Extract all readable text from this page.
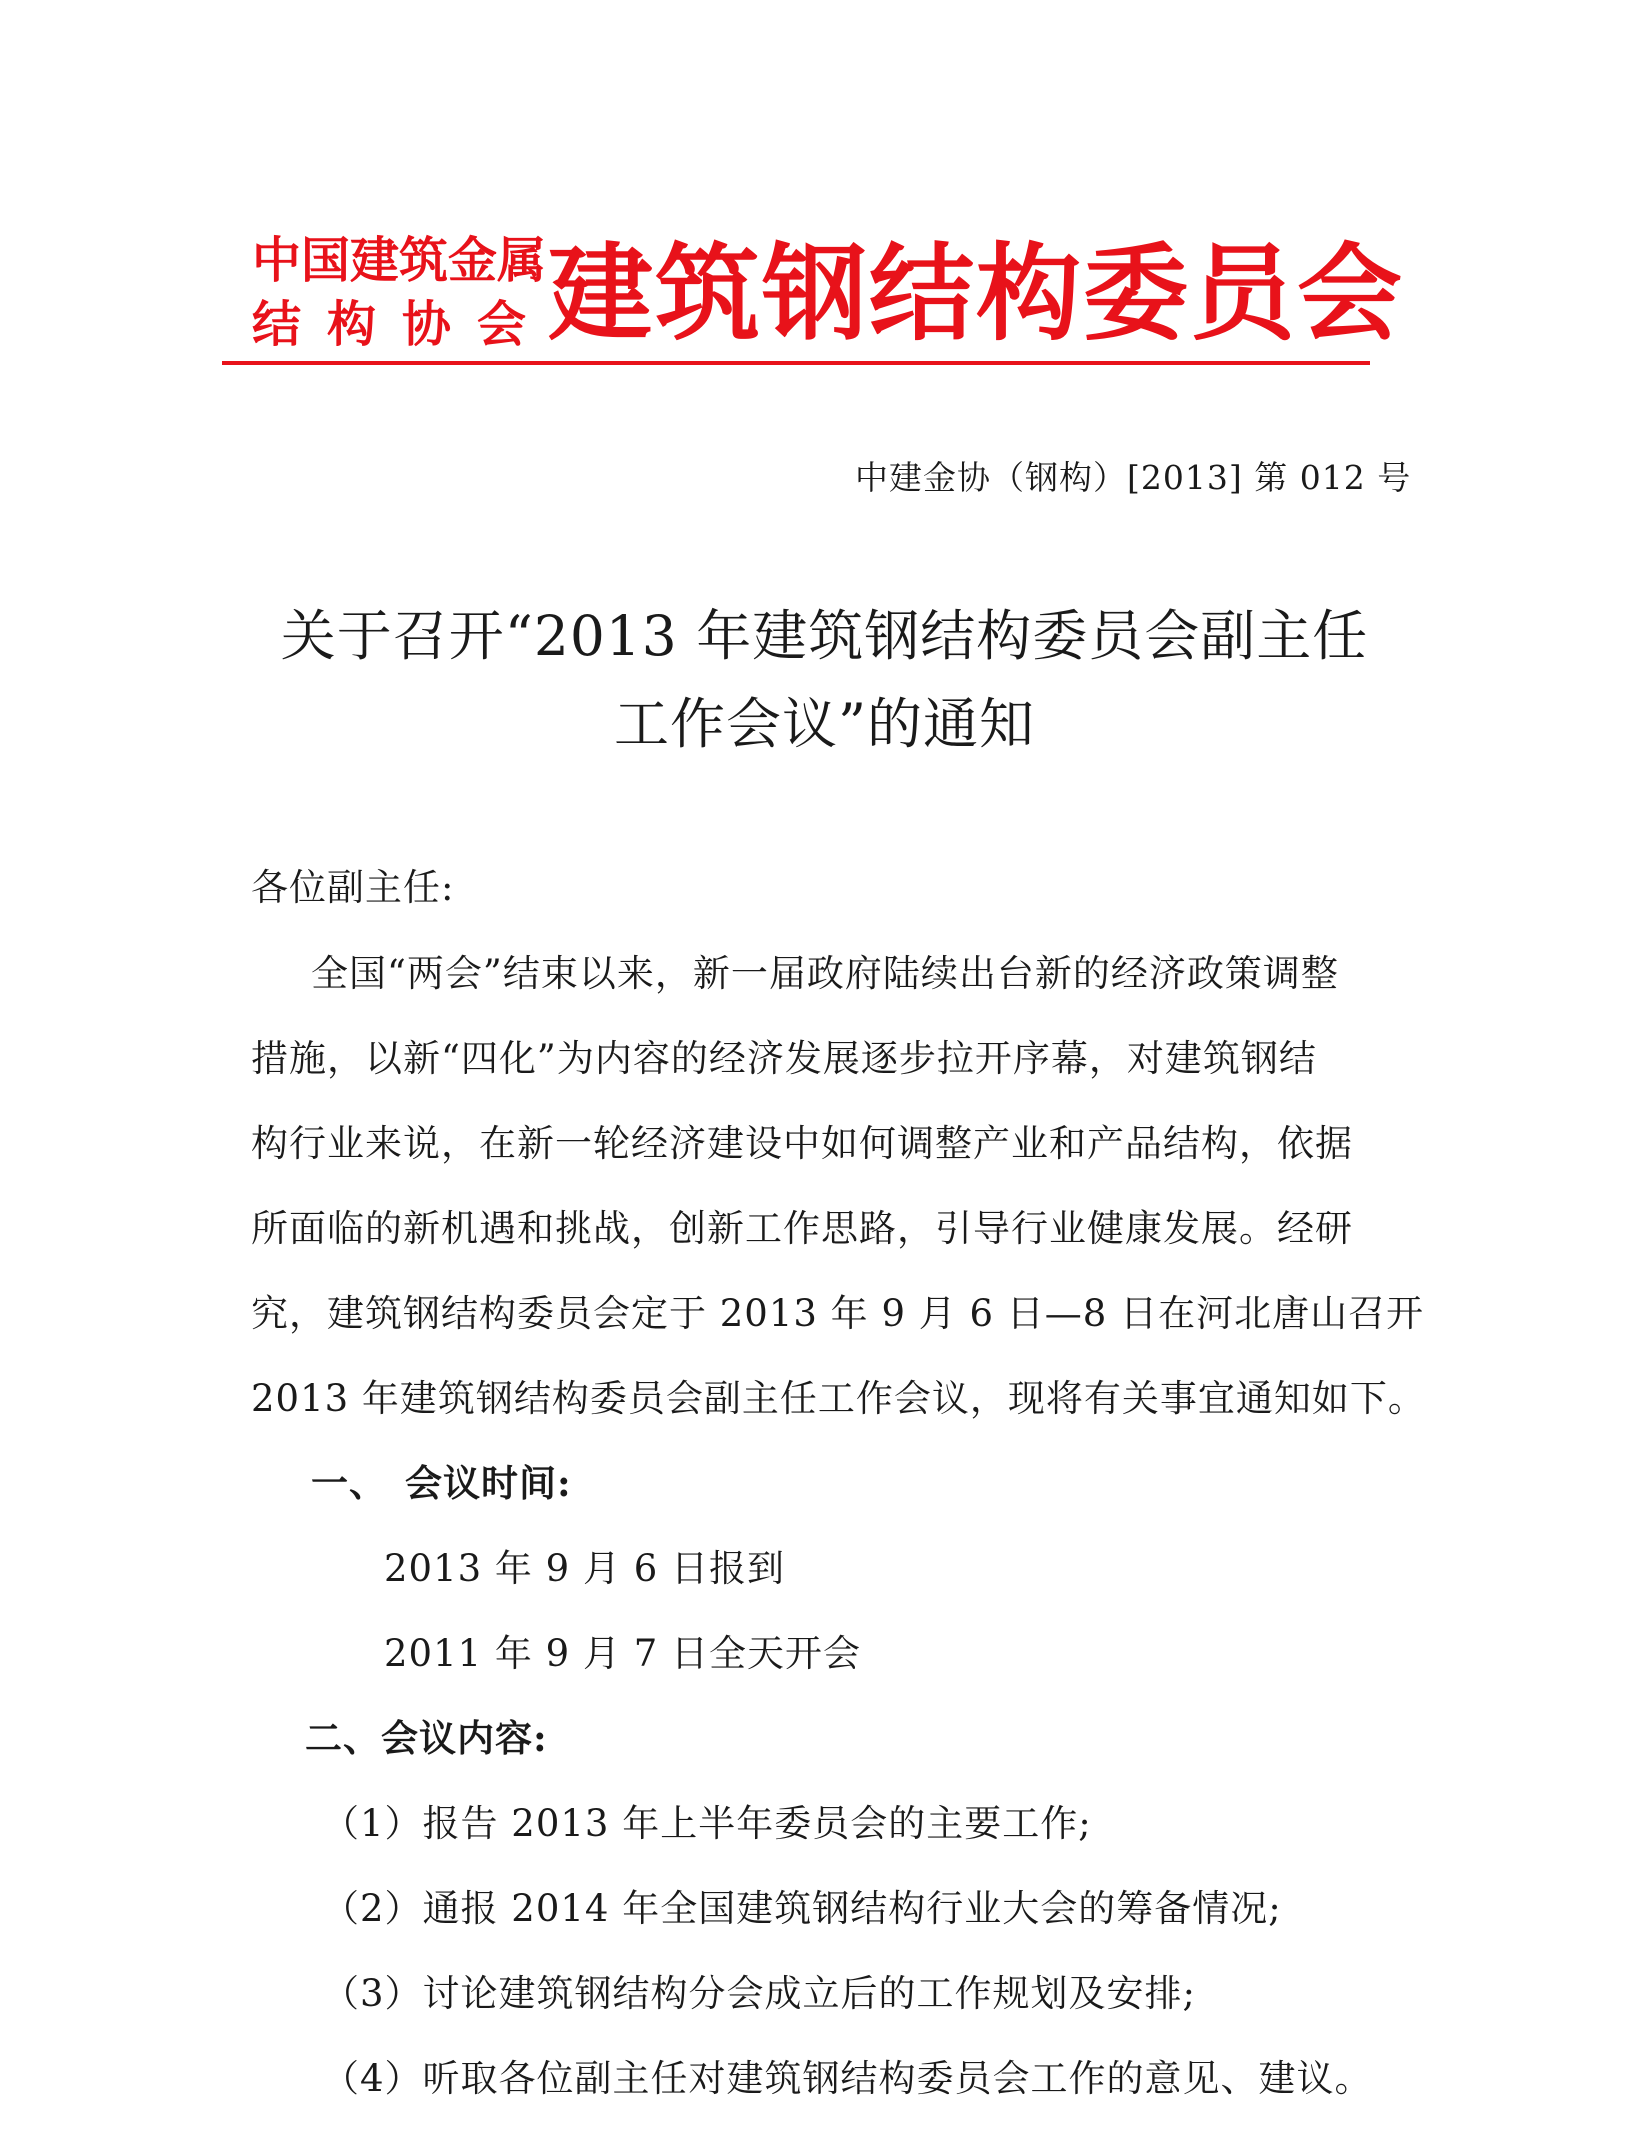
中国建筑金属
结构协会
建筑钢结构委员会
中建金协（钢构）[2013] 第 012 号
关于召开“2013 年建筑钢结构委员会副主任
工作会议”的通知
各位副主任:
全国“两会”结束以来，新一届政府陆续出台新的经济政策调整
措施，以新“四化”为内容的经济发展逐步拉开序幕，对建筑钢结
构行业来说，在新一轮经济建设中如何调整产业和产品结构，依据
所面临的新机遇和挑战，创新工作思路，引导行业健康发展。经研
究，建筑钢结构委员会定于 2013 年 9 月 6 日—8 日在河北唐山召开
2013 年建筑钢结构委员会副主任工作会议，现将有关事宜通知如下。
一、 会议时间:
2013 年 9 月 6 日报到
2011 年 9 月 7 日全天开会
二、会议内容:
（1）报告 2013 年上半年委员会的主要工作;
（2）通报 2014 年全国建筑钢结构行业大会的筹备情况;
（3）讨论建筑钢结构分会成立后的工作规划及安排;
（4）听取各位副主任对建筑钢结构委员会工作的意见、建议。
